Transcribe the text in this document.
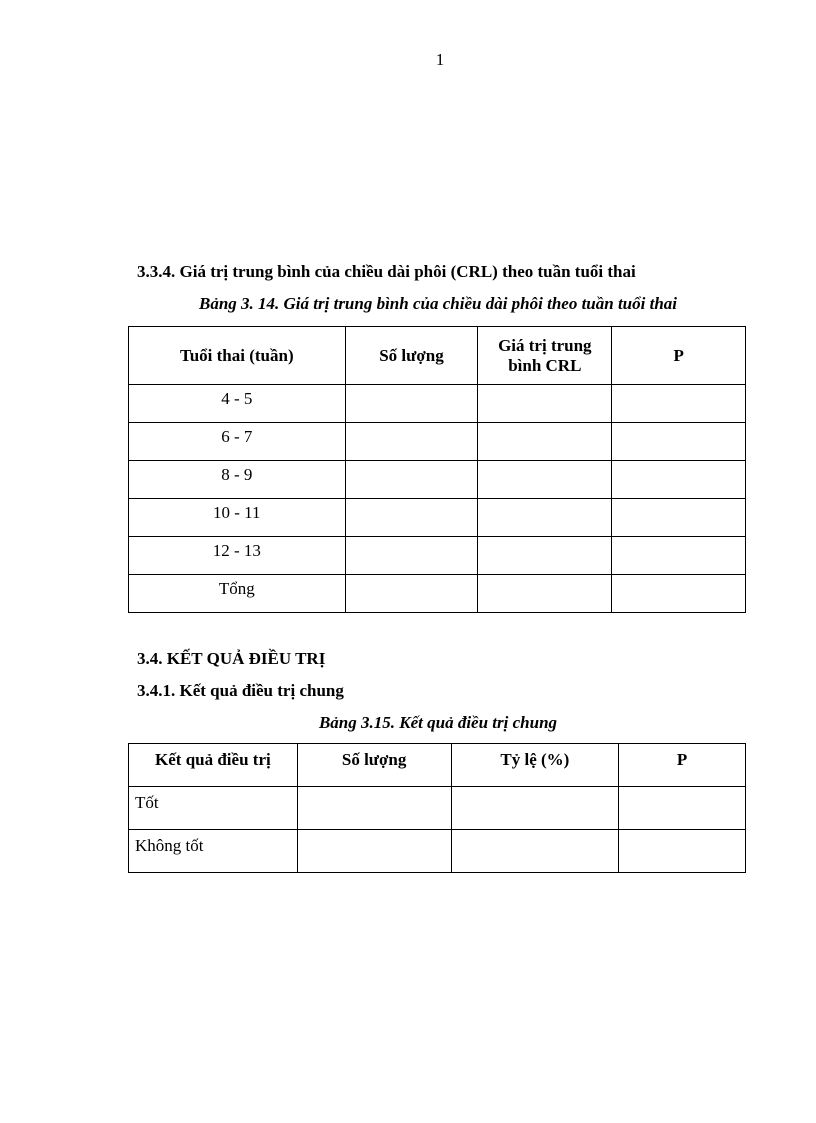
1
3.3.4. Giá trị trung bình của chiều dài phôi (CRL) theo tuần tuổi thai
Bảng 3. 14. Giá trị trung bình của chiều dài phôi theo tuần tuổi thai
Tuổi thai (tuần)	Số lượng	Giá trị trung bình CRL	P
4 - 5			
6 - 7			
8 - 9			
10 - 11			
12 - 13			
Tổng			
3.4. KẾT QUẢ ĐIỀU TRỊ
3.4.1. Kết quả điều trị chung
Bảng 3.15. Kết quả điều trị chung
Kết quả điều trị	Số lượng	Tỷ lệ (%)	P
Tốt			
Không tốt			
